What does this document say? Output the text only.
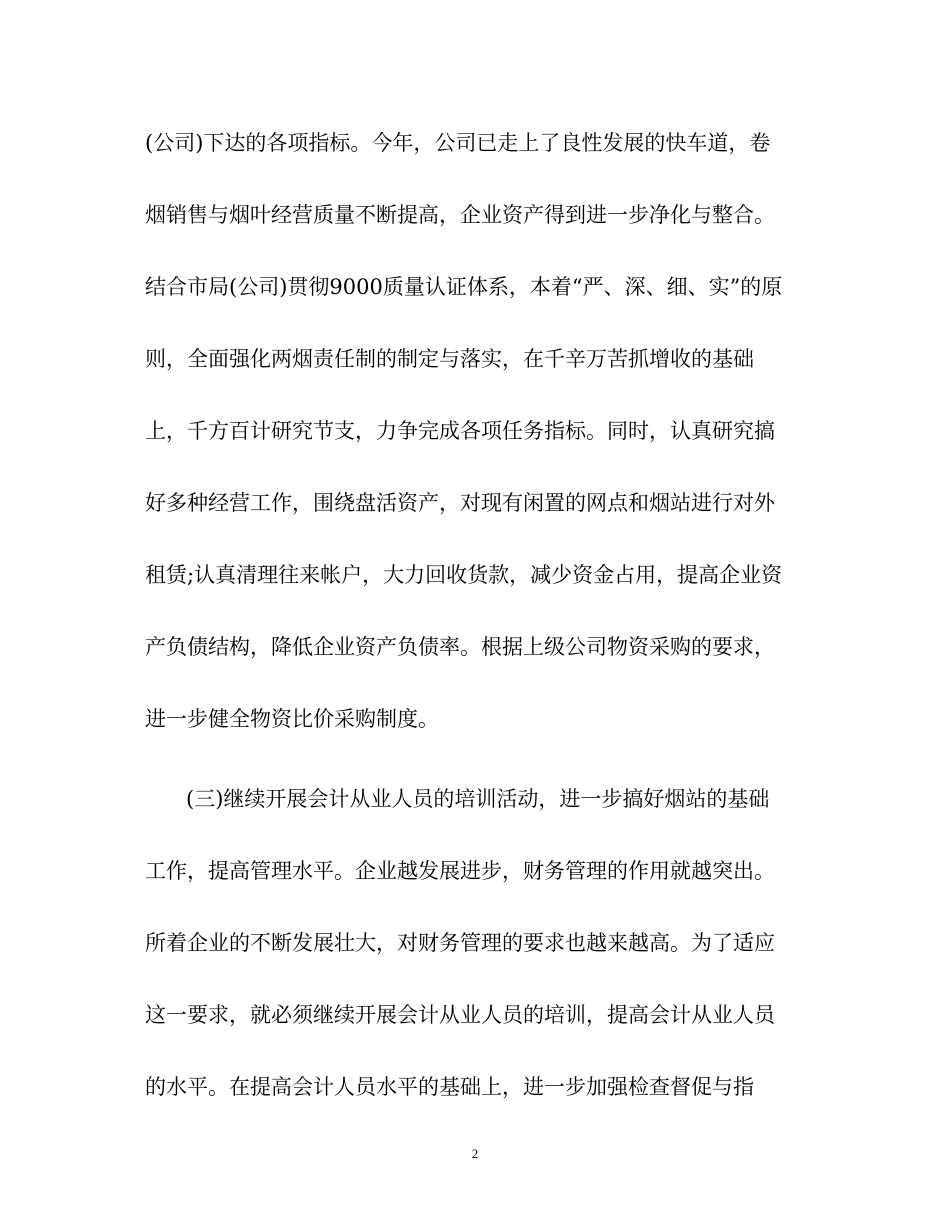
(公司)下达的各项指标。今年，公司已走上了良性发展的快车道，卷
烟销售与烟叶经营质量不断提高，企业资产得到进一步净化与整合。
结合市局(公司)贯彻9000质量认证体系，本着“严、深、细、实”的原
则，全面强化两烟责任制的制定与落实，在千辛万苦抓增收的基础
上，千方百计研究节支，力争完成各项任务指标。同时，认真研究搞
好多种经营工作，围绕盘活资产，对现有闲置的网点和烟站进行对外
租赁;认真清理往来帐户，大力回收货款，减少资金占用，提高企业资
产负债结构，降低企业资产负债率。根据上级公司物资采购的要求，
进一步健全物资比价采购制度。
(三)继续开展会计从业人员的培训活动，进一步搞好烟站的基础
工作，提高管理水平。企业越发展进步，财务管理的作用就越突出。
所着企业的不断发展壮大，对财务管理的要求也越来越高。为了适应
这一要求，就必须继续开展会计从业人员的培训，提高会计从业人员
的水平。在提高会计人员水平的基础上，进一步加强检查督促与指
2
